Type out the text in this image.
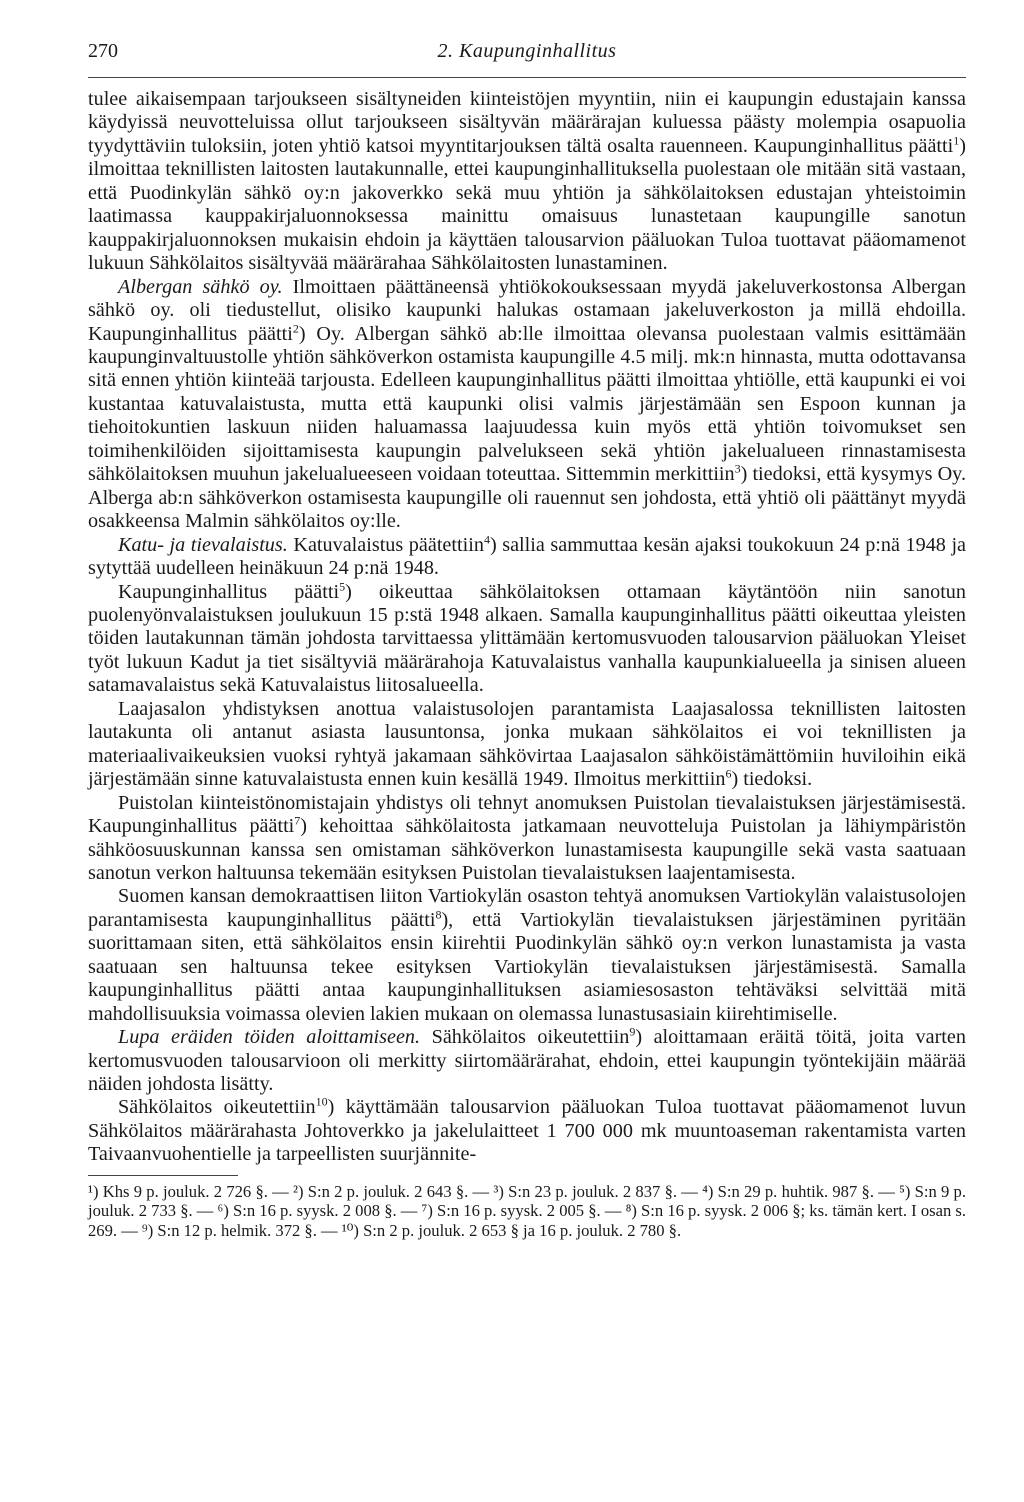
270	2. Kaupunginhallitus

tulee aikaisempaan tarjoukseen sisältyneiden kiinteistöjen myyntiin, niin ei kaupungin edustajain kanssa käydyissä neuvotteluissa ollut tarjoukseen sisältyvän määrärajan kuluessa päästy molempia osapuolia tyydyttäviin tuloksiin, joten yhtiö katsoi myyntitarjouksen tältä osalta rauenneen. Kaupunginhallitus päätti$^1$) ilmoittaa teknillisten laitosten lautakunnalle, ettei kaupunginhallituksella puolestaan ole mitään sitä vastaan, että Puodinkylän sähkö oy:n jakoverkko sekä muu yhtiön ja sähkölaitoksen edustajan yhteistoimin laatimassa kauppakirjaluonnoksessa mainittu omaisuus lunastetaan kaupungille sanotun kauppakirjaluonnoksen mukaisin ehdoin ja käyttäen talousarvion pääluokan Tuloa tuottavat pääomamenot lukuun Sähkölaitos sisältyvää määrärahaa Sähkölaitosten lunastaminen.

Albergan sähkö oy. Ilmoittaen päättäneensä yhtiökokouksessaan myydä jakeluverkostonsa Albergan sähkö oy. oli tiedustellut, olisiko kaupunki halukas ostamaan jakeluverkoston ja millä ehdoilla. Kaupunginhallitus päätti$^2$) Oy. Albergan sähkö ab:lle ilmoittaa olevansa puolestaan valmis esittämään kaupunginvaltuustolle yhtiön sähköverkon ostamista kaupungille 4.5 milj. mk:n hinnasta, mutta odottavansa sitä ennen yhtiön kiinteää tarjousta. Edelleen kaupunginhallitus päätti ilmoittaa yhtiölle, että kaupunki ei voi kustantaa katuvalaistusta, mutta että kaupunki olisi valmis järjestämään sen Espoon kunnan ja tiehoitokuntien laskuun niiden haluamassa laajuudessa kuin myös että yhtiön toivomukset sen toimihenkilöiden sijoittamisesta kaupungin palvelukseen sekä yhtiön jakelualueen rinnastamisesta sähkölaitoksen muuhun jakelualueeseen voidaan toteuttaa. Sittemmin merkittiin$^3$) tiedoksi, että kysymys Oy. Alberga ab:n sähköverkon ostamisesta kaupungille oli rauennut sen johdosta, että yhtiö oli päättänyt myydä osakkeensa Malmin sähkölaitos oy:lle.

Katu- ja tievalaistus. Katuvalaistus päätettiin$^4$) sallia sammuttaa kesän ajaksi toukokuun 24 p:nä 1948 ja sytyttää uudelleen heinäkuun 24 p:nä 1948.

Kaupunginhallitus päätti$^5$) oikeuttaa sähkölaitoksen ottamaan käytäntöön niin sanotun puolenyönvalaistuksen joulukuun 15 p:stä 1948 alkaen. Samalla kaupunginhallitus päätti oikeuttaa yleisten töiden lautakunnan tämän johdosta tarvittaessa ylittämään kertomusvuoden talousarvion pääluokan Yleiset työt lukuun Kadut ja tiet sisältyviä määrärahoja Katuvalaistus vanhalla kaupunkialueella ja sinisen alueen satamavalaistus sekä Katuvalaistus liitosalueella.

Laajasalon yhdistyksen anottua valaistusolojen parantamista Laajasalossa teknillisten laitosten lautakunta oli antanut asiasta lausuntonsa, jonka mukaan sähkölaitos ei voi teknillisten ja materiaalivaikeuksien vuoksi ryhtyä jakamaan sähkövirtaa Laajasalon sähköistämättömiin huviloihin eikä järjestämään sinne katuvalaistusta ennen kuin kesällä 1949. Ilmoitus merkittiin$^6$) tiedoksi.

Puistolan kiinteistönomistajain yhdistys oli tehnyt anomuksen Puistolan tievalaistuksen järjestämisestä. Kaupunginhallitus päätti$^7$) kehoittaa sähkölaitosta jatkamaan neuvotteluja Puistolan ja lähiympäristön sähköosuuskunnan kanssa sen omistaman sähköverkon lunastamisesta kaupungille sekä vasta saatuaan sanotun verkon haltuunsa tekemään esityksen Puistolan tievalaistuksen laajentamisesta.

Suomen kansan demokraattisen liiton Vartiokylän osaston tehtyä anomuksen Vartiokylän valaistusolojen parantamisesta kaupunginhallitus päätti$^8$), että Vartiokylän tievalaistuksen järjestäminen pyritään suorittamaan siten, että sähkölaitos ensin kiirehtii Puodinkylän sähkö oy:n verkon lunastamista ja vasta saatuaan sen haltuunsa tekee esityksen Vartiokylän tievalaistuksen järjestämisestä. Samalla kaupunginhallitus päätti antaa kaupunginhallituksen asiamiesosaston tehtäväksi selvittää mitä mahdollisuuksia voimassa olevien lakien mukaan on olemassa lunastusasiain kiirehtimiselle.

Lupa eräiden töiden aloittamiseen. Sähkölaitos oikeutettiin$^9$) aloittamaan eräitä töitä, joita varten kertomusvuoden talousarvioon oli merkitty siirtomäärärahat, ehdoin, ettei kaupungin työntekijäin määrää näiden johdosta lisätty.

Sähkölaitos oikeutettiin$^{10}$) käyttämään talousarvion pääluokan Tuloa tuottavat pääomamenot luvun Sähkölaitos määrärahasta Johtoverkko ja jakelulaitteet 1 700 000 mk muuntoaseman rakentamista varten Taivaanvuohentielle ja tarpeellisten suurjännite-

¹) Khs 9 p. jouluk. 2 726 §. — ²) S:n 2 p. jouluk. 2 643 §. — ³) S:n 23 p. jouluk. 2 837 §. — ⁴) S:n 29 p. huhtik. 987 §. — ⁵) S:n 9 p. jouluk. 2 733 §. — ⁶) S:n 16 p. syysk. 2 008 §. — ⁷) S:n 16 p. syysk. 2 005 §. — ⁸) S:n 16 p. syysk. 2 006 §; ks. tämän kert. I osan s. 269. — ⁹) S:n 12 p. helmik. 372 §. — ¹⁰) S:n 2 p. jouluk. 2 653 § ja 16 p. jouluk. 2 780 §.
